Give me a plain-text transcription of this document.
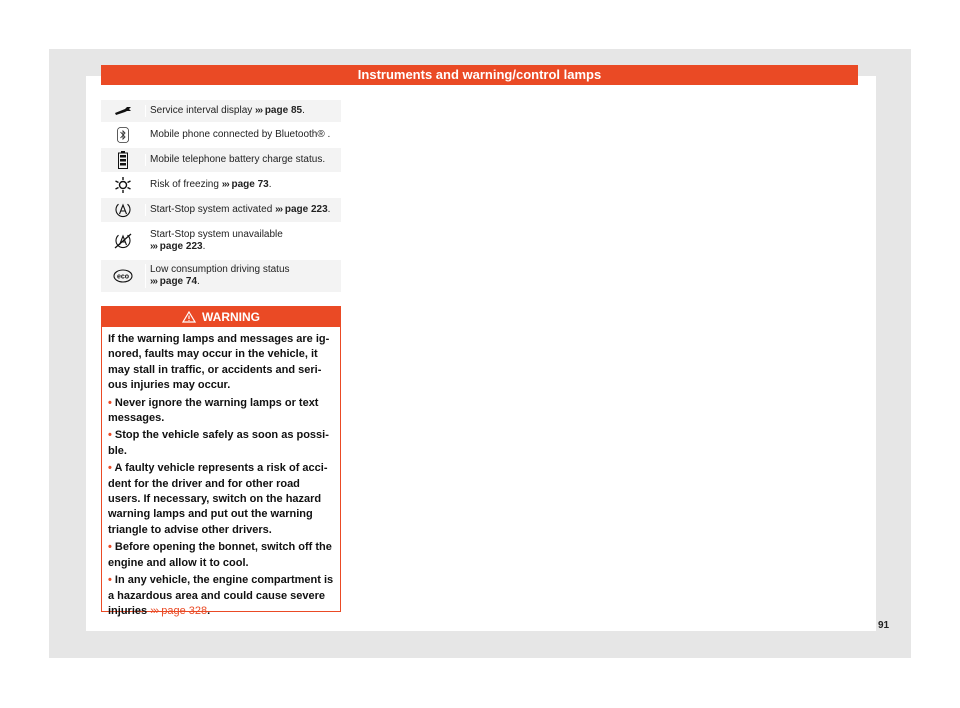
Instruments and warning/control lamps
Service interval display ››› page 85.
Mobile phone connected by Bluetooth® .
Mobile telephone battery charge status.
Risk of freezing ››› page 73.
Start-Stop system activated ››› page 223.
Start-Stop system unavailable
››› page 223.
eco
Low consumption driving status
››› page 74.
WARNING

If the warning lamps and messages are ig-nored, faults may occur in the vehicle, it may stall in traffic, or accidents and seri-ous injuries may occur.

• Never ignore the warning lamps or text messages.

• Stop the vehicle safely as soon as possi-ble.

• A faulty vehicle represents a risk of acci-dent for the driver and for other road users. If necessary, switch on the hazard warning lamps and put out the warning triangle to advise other drivers.

• Before opening the bonnet, switch off the engine and allow it to cool.

• In any vehicle, the engine compartment is a hazardous area and could cause severe injuries ››› page 328.

91
